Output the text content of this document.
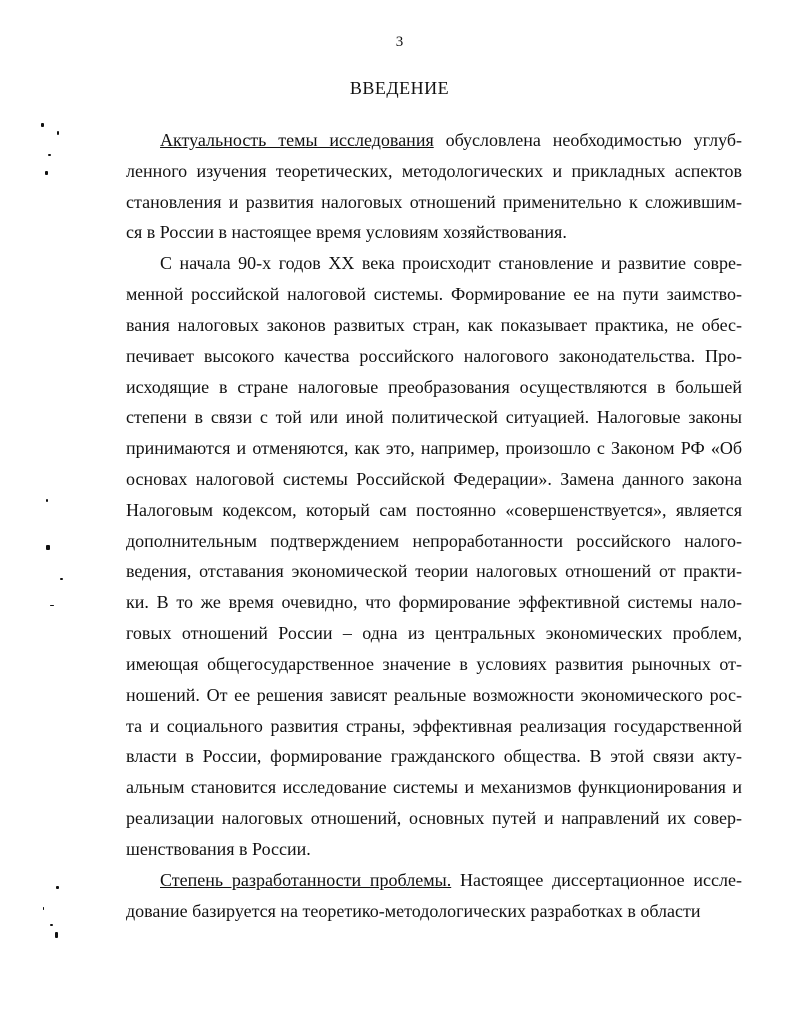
3
ВВЕДЕНИЕ
Актуальность темы исследования обусловлена необходимостью углуб-
ленного изучения теоретических, методологических и прикладных аспектов
становления и развития налоговых отношений применительно к сложившим-
ся в России в настоящее время условиям хозяйствования.
С начала 90-х годов XX века происходит становление и развитие совре-
менной российской налоговой системы. Формирование ее на пути заимство-
вания налоговых законов развитых стран, как показывает практика, не обес-
печивает высокого качества российского налогового законодательства. Про-
исходящие в стране налоговые преобразования осуществляются в большей
степени в связи с той или иной политической ситуацией. Налоговые законы
принимаются и отменяются, как это, например, произошло с Законом РФ «Об
основах налоговой системы Российской Федерации». Замена данного закона
Налоговым кодексом, который сам постоянно «совершенствуется», является
дополнительным подтверждением непроработанности российского налого-
ведения, отставания экономической теории налоговых отношений от практи-
ки. В то же время очевидно, что формирование эффективной системы нало-
говых отношений России – одна из центральных экономических проблем,
имеющая общегосударственное значение в условиях развития рыночных от-
ношений. От ее решения зависят реальные возможности экономического рос-
та и социального развития страны, эффективная реализация государственной
власти в России, формирование гражданского общества. В этой связи акту-
альным становится исследование системы и механизмов функционирования и
реализации налоговых отношений, основных путей и направлений их совер-
шенствования в России.
Степень разработанности проблемы. Настоящее диссертационное иссле-
дование базируется на теоретико-методологических разработках в области
